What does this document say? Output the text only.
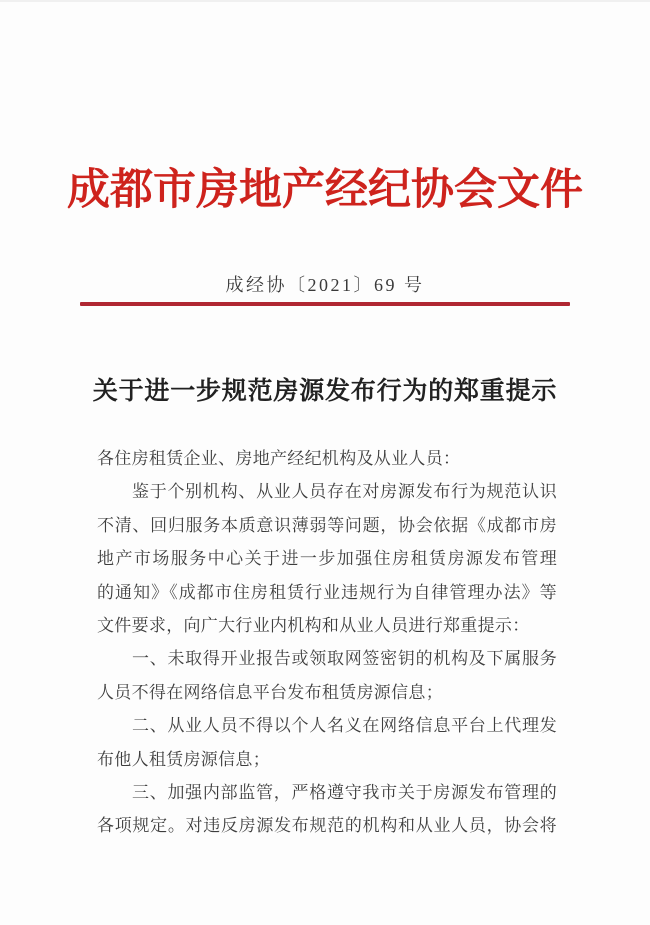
成都市房地产经纪协会文件
成经协〔2021〕69 号
关于进一步规范房源发布行为的郑重提示
各住房租赁企业、房地产经纪机构及从业人员：
鉴于个别机构、从业人员存在对房源发布行为规范认识
不清、回归服务本质意识薄弱等问题，协会依据《成都市房
地产市场服务中心关于进一步加强住房租赁房源发布管理
的通知》《成都市住房租赁行业违规行为自律管理办法》等
文件要求，向广大行业内机构和从业人员进行郑重提示：
一、未取得开业报告或领取网签密钥的机构及下属服务
人员不得在网络信息平台发布租赁房源信息；
二、从业人员不得以个人名义在网络信息平台上代理发
布他人租赁房源信息；
三、加强内部监管，严格遵守我市关于房源发布管理的
各项规定。对违反房源发布规范的机构和从业人员，协会将
